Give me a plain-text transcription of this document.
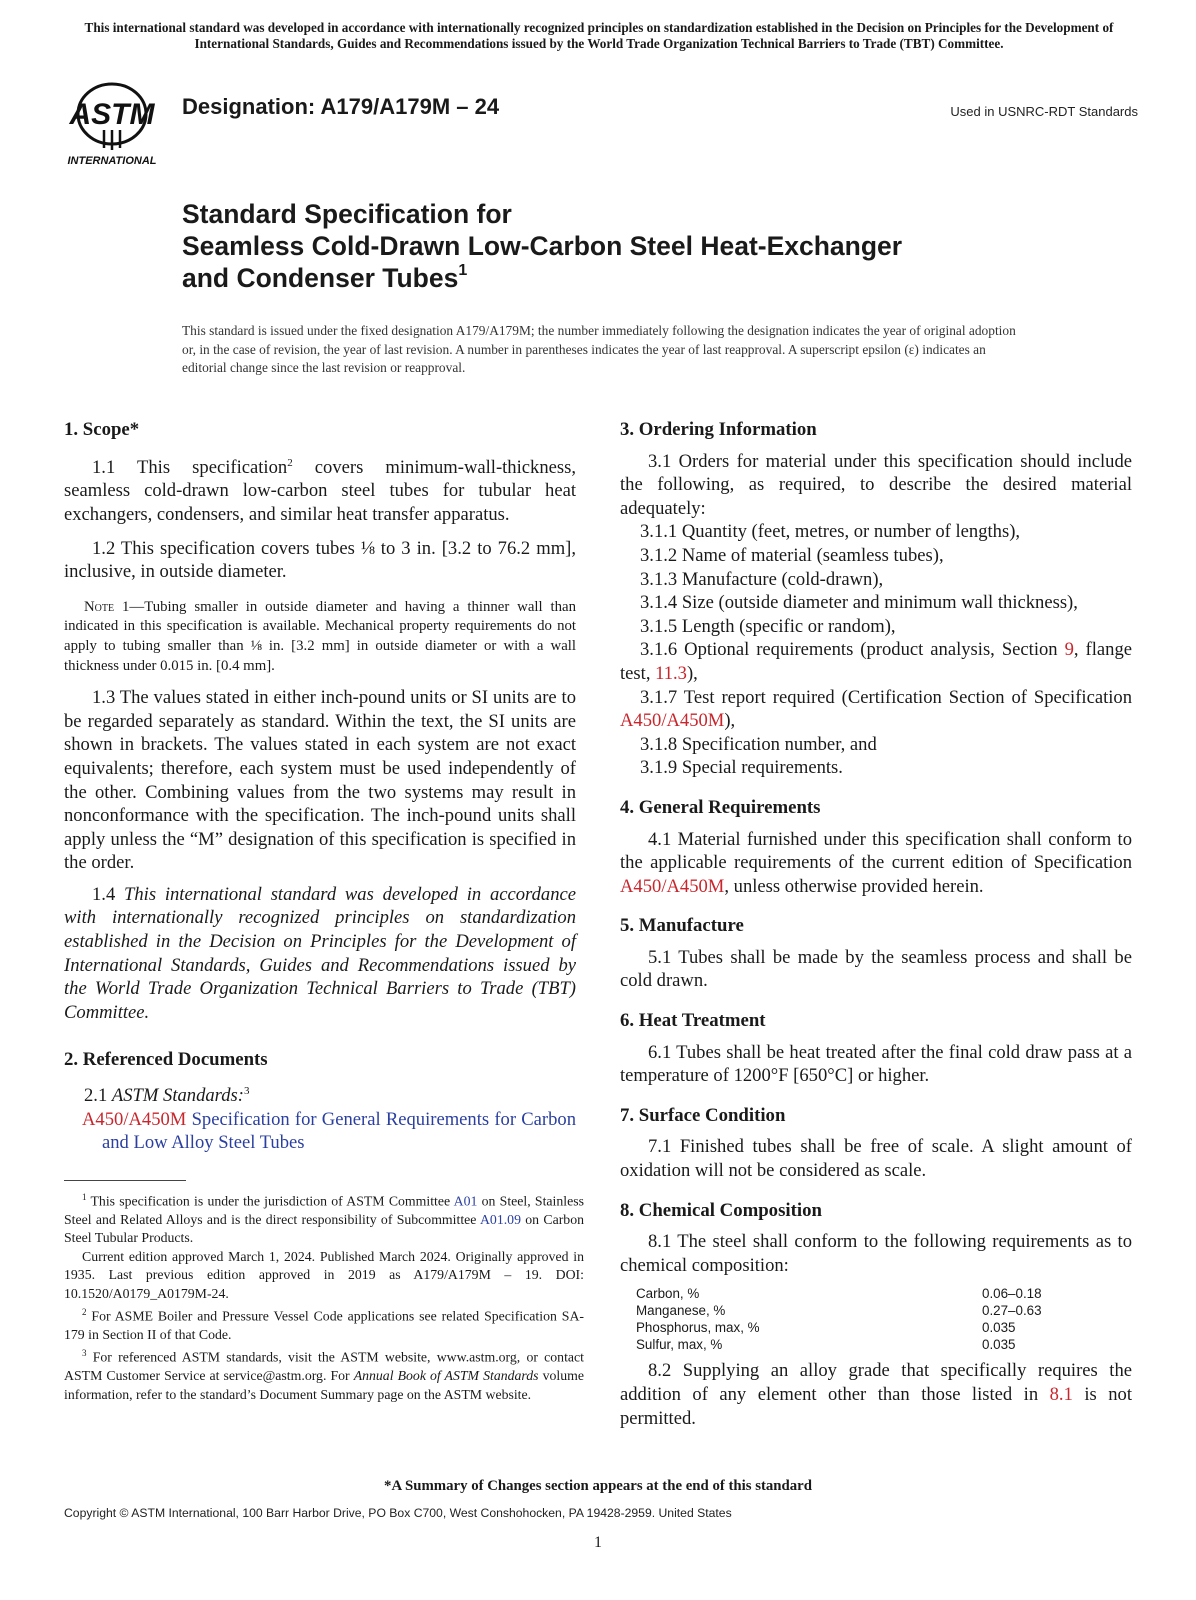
This international standard was developed in accordance with internationally recognized principles on standardization established in the Decision on Principles for the Development of International Standards, Guides and Recommendations issued by the World Trade Organization Technical Barriers to Trade (TBT) Committee.
ASTM
INTERNATIONAL
Designation: A179/A179M – 24	Used in USNRC-RDT Standards
Standard Specification for
Seamless Cold-Drawn Low-Carbon Steel Heat-Exchanger
and Condenser Tubes$^1$
This standard is issued under the fixed designation A179/A179M; the number immediately following the designation indicates the year of original adoption or, in the case of revision, the year of last revision. A number in parentheses indicates the year of last reapproval. A superscript epsilon (ε) indicates an editorial change since the last revision or reapproval.

1. Scope*

1.1 This specification$^2$ covers minimum-wall-thickness, seamless cold-drawn low-carbon steel tubes for tubular heat exchangers, condensers, and similar heat transfer apparatus.

1.2 This specification covers tubes ⅛ to 3 in. [3.2 to 76.2 mm], inclusive, in outside diameter.

Note 1—Tubing smaller in outside diameter and having a thinner wall than indicated in this specification is available. Mechanical property requirements do not apply to tubing smaller than ⅛ in. [3.2 mm] in outside diameter or with a wall thickness under 0.015 in. [0.4 mm].

1.3 The values stated in either inch-pound units or SI units are to be regarded separately as standard. Within the text, the SI units are shown in brackets. The values stated in each system are not exact equivalents; therefore, each system must be used independently of the other. Combining values from the two systems may result in nonconformance with the specification. The inch-pound units shall apply unless the “M” designation of this specification is specified in the order.

1.4 This international standard was developed in accordance with internationally recognized principles on standardization established in the Decision on Principles for the Development of International Standards, Guides and Recommendations issued by the World Trade Organization Technical Barriers to Trade (TBT) Committee.

2. Referenced Documents

2.1 ASTM Standards:$^3$

A450/A450M Specification for General Requirements for Carbon and Low Alloy Steel Tubes

$^1$ This specification is under the jurisdiction of ASTM Committee A01 on Steel, Stainless Steel and Related Alloys and is the direct responsibility of Subcommittee A01.09 on Carbon Steel Tubular Products.

Current edition approved March 1, 2024. Published March 2024. Originally approved in 1935. Last previous edition approved in 2019 as A179/A179M – 19. DOI: 10.1520/A0179_A0179M-24.

$^2$ For ASME Boiler and Pressure Vessel Code applications see related Specification SA-179 in Section II of that Code.

$^3$ For referenced ASTM standards, visit the ASTM website, www.astm.org, or contact ASTM Customer Service at service@astm.org. For Annual Book of ASTM Standards volume information, refer to the standard’s Document Summary page on the ASTM website.

3. Ordering Information

3.1 Orders for material under this specification should include the following, as required, to describe the desired material adequately:

3.1.1 Quantity (feet, metres, or number of lengths),

3.1.2 Name of material (seamless tubes),

3.1.3 Manufacture (cold-drawn),

3.1.4 Size (outside diameter and minimum wall thickness),

3.1.5 Length (specific or random),

3.1.6 Optional requirements (product analysis, Section 9, flange test, 11.3),

3.1.7 Test report required (Certification Section of Specification A450/A450M),

3.1.8 Specification number, and

3.1.9 Special requirements.

4. General Requirements

4.1 Material furnished under this specification shall conform to the applicable requirements of the current edition of Specification A450/A450M, unless otherwise provided herein.

5. Manufacture

5.1 Tubes shall be made by the seamless process and shall be cold drawn.

6. Heat Treatment

6.1 Tubes shall be heat treated after the final cold draw pass at a temperature of 1200°F [650°C] or higher.

7. Surface Condition

7.1 Finished tubes shall be free of scale. A slight amount of oxidation will not be considered as scale.

8. Chemical Composition

8.1 The steel shall conform to the following requirements as to chemical composition:

Carbon, %	0.06–0.18
Manganese, %	0.27–0.63
Phosphorus, max, %	0.035
Sulfur, max, %	0.035

8.2 Supplying an alloy grade that specifically requires the addition of any element other than those listed in 8.1 is not permitted.

*A Summary of Changes section appears at the end of this standard
Copyright © ASTM International, 100 Barr Harbor Drive, PO Box C700, West Conshohocken, PA 19428-2959. United States
1
